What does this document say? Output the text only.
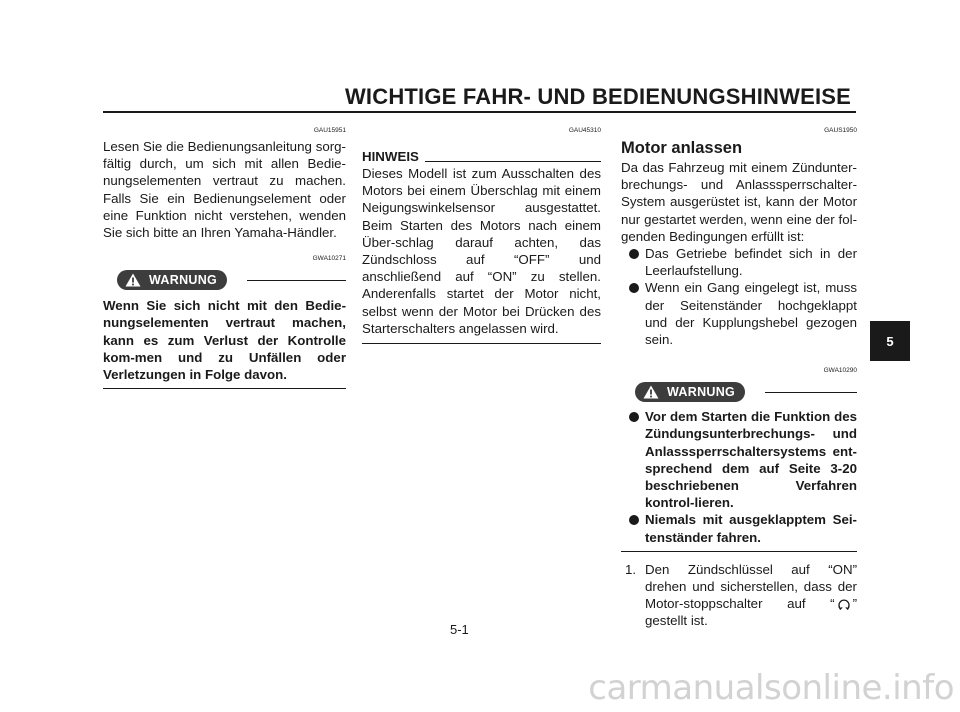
WICHTIGE FAHR- UND BEDIENUNGSHINWEISE
GAU15951

Lesen Sie die Bedienungsanleitung sorg-fältig durch, um sich mit allen Bedie-nungselementen vertraut zu machen. Falls Sie ein Bedienungselement oder eine Funktion nicht verstehen, wenden Sie sich bitte an Ihren Yamaha-Händler.

GWA10271
WARNUNG

Wenn Sie sich nicht mit den Bedie-nungselementen vertraut machen, kann es zum Verlust der Kontrolle kom-men und zu Unfällen oder Verletzungen in Folge davon.

GAU45310
HINWEIS

Dieses Modell ist zum Ausschalten des Motors bei einem Überschlag mit einem Neigungswinkelsensor ausgestattet. Beim Starten des Motors nach einem Über-schlag darauf achten, das Zündschloss auf “OFF” und anschließend auf “ON” zu stellen. Anderenfalls startet der Motor nicht, selbst wenn der Motor bei Drücken des Starterschalters angelassen wird.

GAUS1950
Motor anlassen

Da das Fahrzeug mit einem Zündunter-brechungs- und Anlasssperrschalter-System ausgerüstet ist, kann der Motor nur gestartet werden, wenn eine der fol-genden Bedingungen erfüllt ist:

Das Getriebe befindet sich in der Leerlaufstellung.
Wenn ein Gang eingelegt ist, muss der Seitenständer hochgeklappt und der Kupplungshebel gezogen sein.
GWA10290
WARNUNG
Vor dem Starten die Funktion des Zündungsunterbrechungs- und Anlasssperrschaltersystems ent-sprechend dem auf Seite 3-20 beschriebenen Verfahren kontrol-lieren.
Niemals mit ausgeklapptem Sei-tenständer fahren.
1. Den Zündschlüssel auf “ON” drehen und sicherstellen, dass der Motor-stoppschalter auf “ ” gestellt ist.
5
5-1
carmanualsonline.info
